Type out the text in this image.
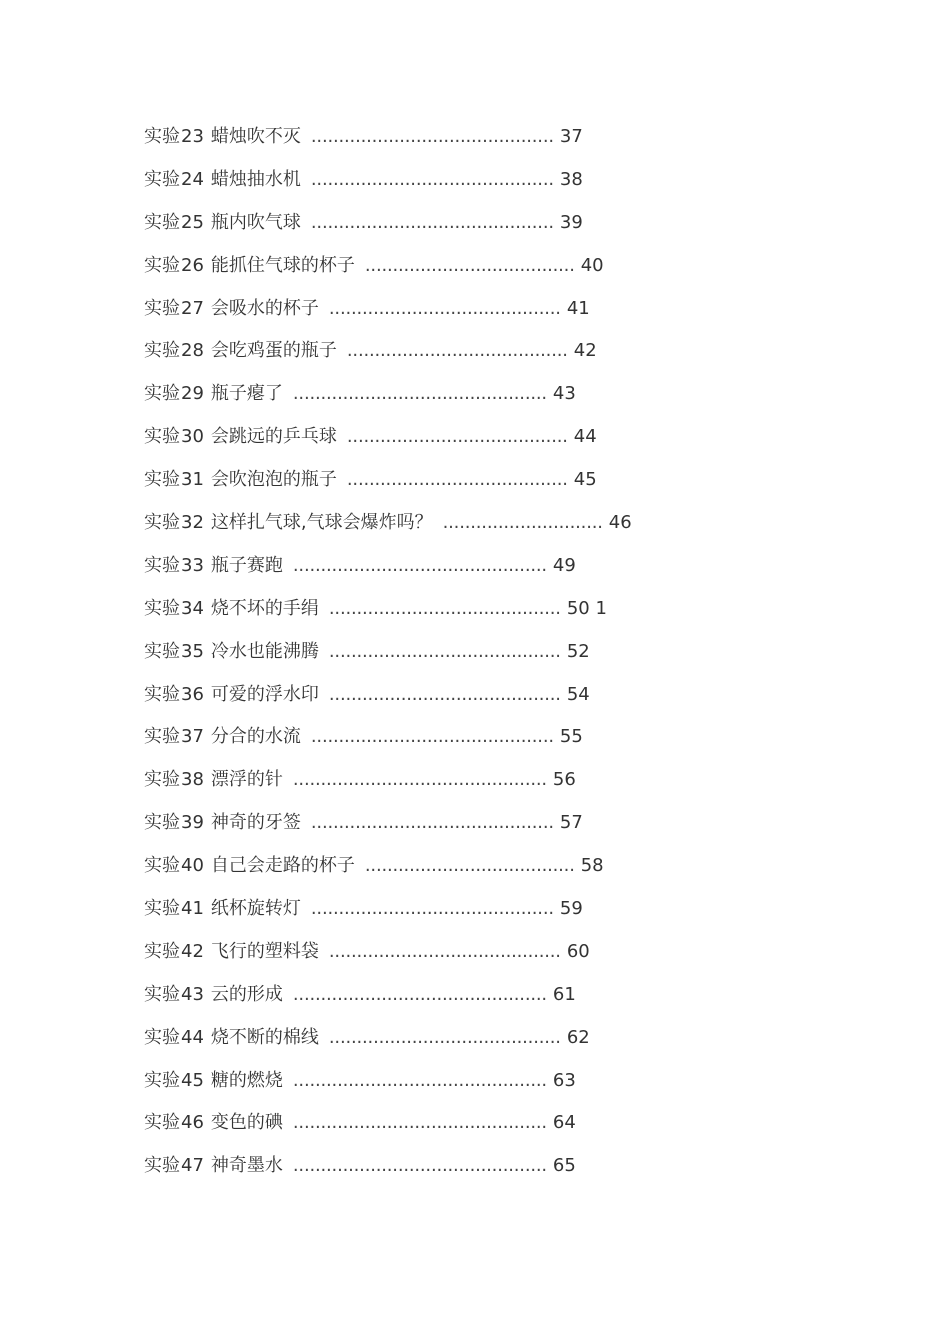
实验23 蜡烛吹不灭 ............................................ 37
实验24 蜡烛抽水机 ............................................ 38
实验25 瓶内吹气球 ............................................ 39
实验26 能抓住气球的杯子 ...................................... 40
实验27 会吸水的杯子 .......................................... 41
实验28 会吃鸡蛋的瓶子 ........................................ 42
实验29 瓶子瘪了 .............................................. 43
实验30 会跳远的乒乓球 ........................................ 44
实验31 会吹泡泡的瓶子 ........................................ 45
实验32 这样扎气球,气球会爆炸吗？ ............................. 46
实验33 瓶子赛跑 .............................................. 49
实验34 烧不坏的手绢 .......................................... 50 1
实验35 冷水也能沸腾 .......................................... 52
实验36 可爱的浮水印 .......................................... 54
实验37 分合的水流 ............................................ 55
实验38 漂浮的针 .............................................. 56
实验39 神奇的牙签 ............................................ 57
实验40 自己会走路的杯子 ...................................... 58
实验41 纸杯旋转灯 ............................................ 59
实验42 飞行的塑料袋 .......................................... 60
实验43 云的形成 .............................................. 61
实验44 烧不断的棉线 .......................................... 62
实验45 糖的燃烧 .............................................. 63
实验46 变色的碘 .............................................. 64
实验47 神奇墨水 .............................................. 65
